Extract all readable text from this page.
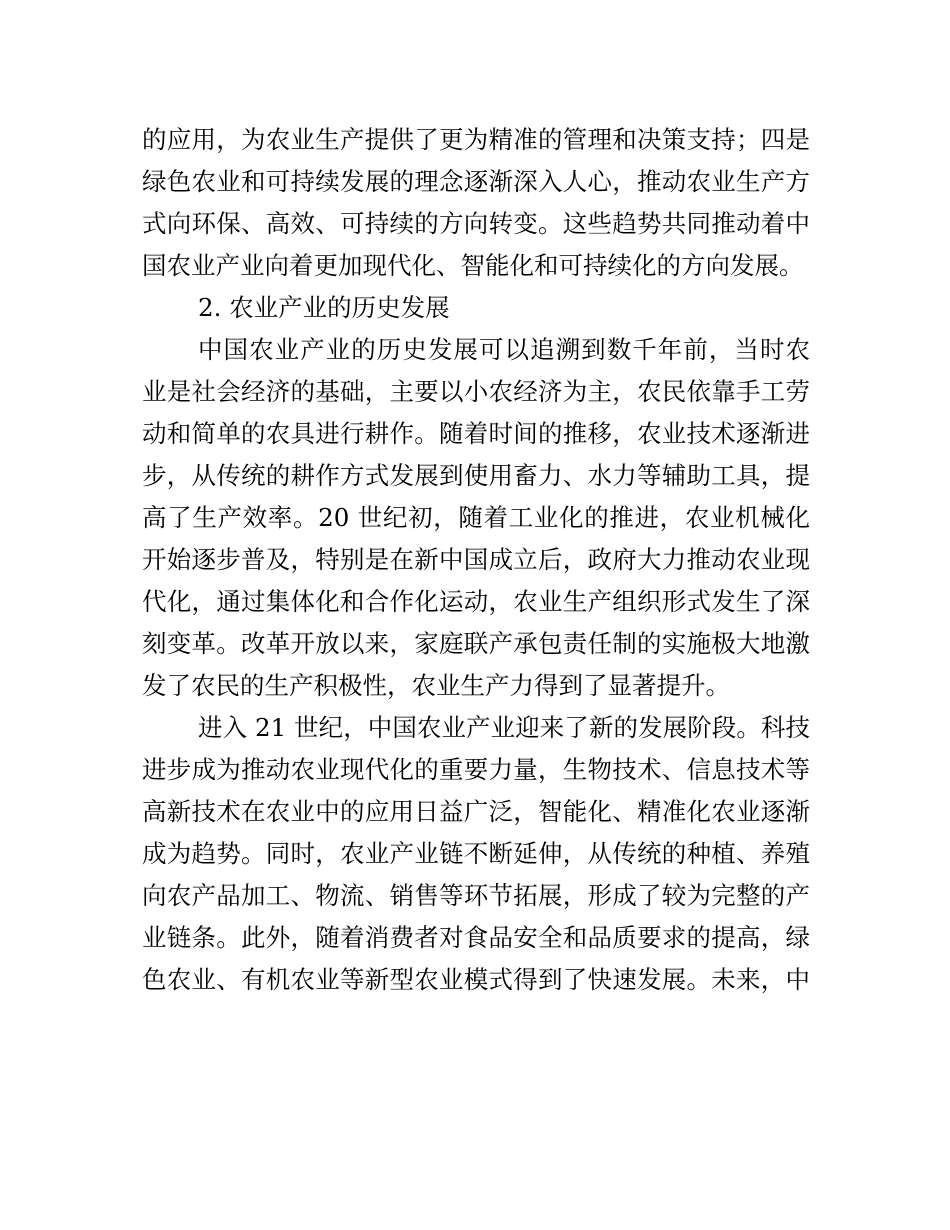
的应用，为农业生产提供了更为精准的管理和决策支持；四是
绿色农业和可持续发展的理念逐渐深入人心，推动农业生产方
式向环保、高效、可持续的方向转变。这些趋势共同推动着中
国农业产业向着更加现代化、智能化和可持续化的方向发展。
2. 农业产业的历史发展
中国农业产业的历史发展可以追溯到数千年前，当时农
业是社会经济的基础，主要以小农经济为主，农民依靠手工劳
动和简单的农具进行耕作。随着时间的推移，农业技术逐渐进
步，从传统的耕作方式发展到使用畜力、水力等辅助工具，提
高了生产效率。20 世纪初，随着工业化的推进，农业机械化
开始逐步普及，特别是在新中国成立后，政府大力推动农业现
代化，通过集体化和合作化运动，农业生产组织形式发生了深
刻变革。改革开放以来，家庭联产承包责任制的实施极大地激
发了农民的生产积极性，农业生产力得到了显著提升。
进入 21 世纪，中国农业产业迎来了新的发展阶段。科技
进步成为推动农业现代化的重要力量，生物技术、信息技术等
高新技术在农业中的应用日益广泛，智能化、精准化农业逐渐
成为趋势。同时，农业产业链不断延伸，从传统的种植、养殖
向农产品加工、物流、销售等环节拓展，形成了较为完整的产
业链条。此外，随着消费者对食品安全和品质要求的提高，绿
色农业、有机农业等新型农业模式得到了快速发展。未来，中
